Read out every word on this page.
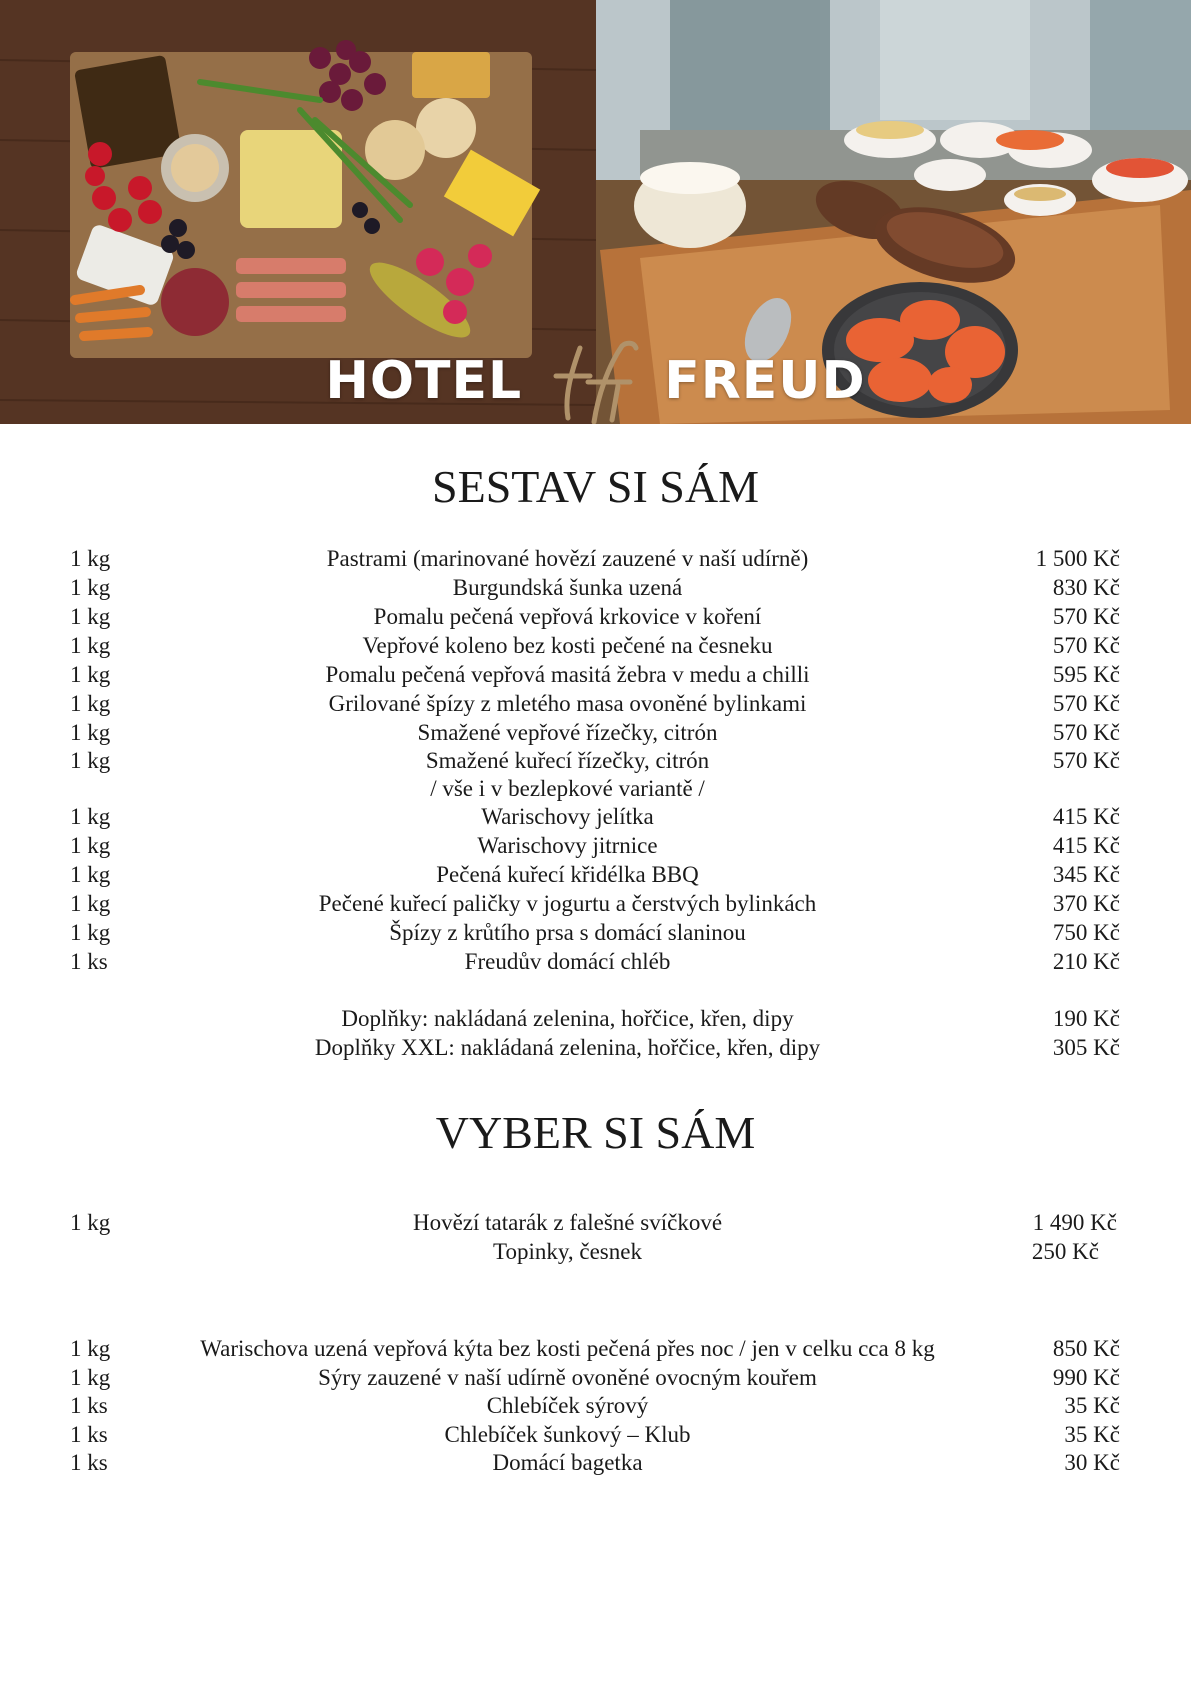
HOTEL	FREUD
SESTAV SI SÁM
1 kg	Pastrami (marinované hovězí zauzené v naší udírně)	1 500 Kč
1 kg	Burgundská šunka uzená	830 Kč
1 kg	Pomalu pečená vepřová krkovice v koření	570 Kč
1 kg	Vepřové koleno bez kosti pečené na česneku	570 Kč
1 kg	Pomalu pečená vepřová masitá žebra v medu a chilli	595 Kč
1 kg	Grilované špízy z mletého masa ovoněné bylinkami	570 Kč
1 kg	Smažené vepřové řízečky, citrón	570 Kč
1 kg	Smažené kuřecí řízečky, citrón	570 Kč
/ vše i v bezlepkové variantě /
1 kg	Warischovy jelítka	415 Kč
1 kg	Warischovy jitrnice	415 Kč
1 kg	Pečená kuřecí křidélka BBQ	345 Kč
1 kg	Pečené kuřecí paličky v jogurtu a čerstvých bylinkách	370 Kč
1 kg	Špízy z krůtího prsa s domácí slaninou	750 Kč
1 ks	Freudův domácí chléb	210 Kč
Doplňky: nakládaná zelenina, hořčice, křen, dipy	190 Kč
Doplňky XXL: nakládaná zelenina, hořčice, křen, dipy	305 Kč
VYBER SI SÁM
1 kg	Hovězí tatarák z falešné svíčkové	1 490 Kč
Topinky, česnek	250 Kč
1 kg	Warischova uzená vepřová kýta bez kosti pečená přes noc / jen v celku cca 8 kg	850 Kč
1 kg	Sýry zauzené v naší udírně ovoněné ovocným kouřem	990 Kč
1 ks	Chlebíček sýrový	35 Kč
1 ks	Chlebíček šunkový – Klub	35 Kč
1 ks	Domácí bagetka	30 Kč
